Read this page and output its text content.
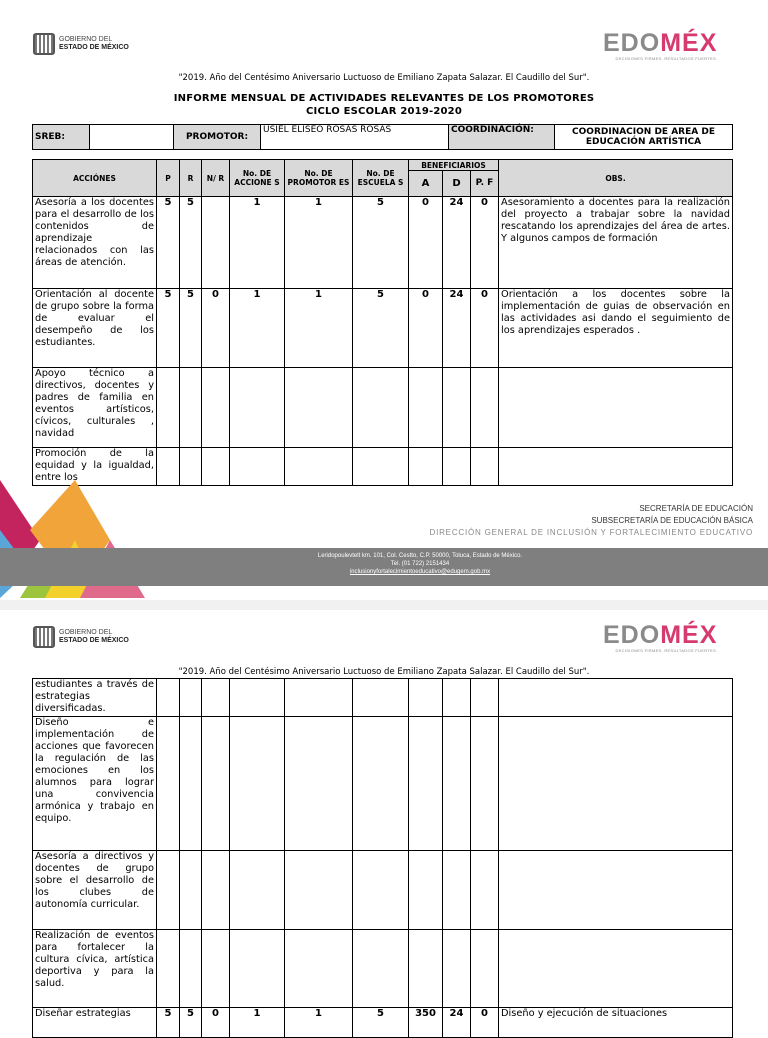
GOBIERNO DEL
ESTADO DE MÉXICO	EDOMÉX
DECISIONES FIRMES, RESULTADOS FUERTES.
"2019. Año del Centésimo Aniversario Luctuoso de Emiliano Zapata Salazar. El Caudillo del Sur".
INFORME MENSUAL DE ACTIVIDADES RELEVANTES DE LOS PROMOTORES
CICLO ESCOLAR 2019-2020
SREB:		PROMOTOR:	USIEL ELISEO ROSAS ROSAS	COORDINACIÓN:	COORDINACION DE AREA DE EDUCACIÓN ARTÍSTICA
ACCIÓNES	P	R	N/ R	No. DE ACCIONE S	No. DE PROMOTOR ES	No. DE ESCUELA S	BENEFICIARIOS			OBS.
							A	D	P. F	
Asesoría a los docentes para el desarrollo de los contenidos de aprendizaje relacionados con las áreas de atención.	5	5		1	1	5	0	24	0	Asesoramiento a docentes para la realización del proyecto a trabajar sobre la navidad rescatando los aprendizajes del área de artes. Y algunos campos de formación
Orientación al docente de grupo sobre la forma de evaluar el desempeño de los estudiantes.	5	5	0	1	1	5	0	24	0	Orientación a los docentes sobre la implementación de guias de observación en las actividades asi dando el seguimiento de los aprendizajes esperados .
Apoyo técnico a directivos, docentes y padres de familia en eventos artísticos, cívicos, culturales , navidad										
Promoción de la equidad y la igualdad, entre los										
SECRETARÍA DE EDUCACIÓN
SUBSECRETARÍA DE EDUCACIÓN BÁSICA
DIRECCIÓN GENERAL DE INCLUSIÓN Y FORTALECIMIENTO EDUCATIVO
Leridopoulevtelt km. 101, Col. Cestto, C.P. 50000, Toluca, Estado de México.
Tel. (01 722) 2151434
inclusionyfortalecimientoeducativo@edugem.gob.mx
GOBIERNO DEL
ESTADO DE MÉXICO	EDOMÉX
DECISIONES FIRMES, RESULTADOS FUERTES.
"2019. Año del Centésimo Aniversario Luctuoso de Emiliano Zapata Salazar. El Caudillo del Sur".
estudiantes a través de estrategias diversificadas.										
Diseño e implementación de acciones que favorecen la regulación de las emociones en los alumnos para lograr una convivencia armónica y trabajo en equipo.										
Asesoría a directivos y docentes de grupo sobre el desarrollo de los clubes de autonomía curricular.										
Realización de eventos para fortalecer la cultura cívica, artística deportiva y para la salud.										
Diseñar estrategias	5	5	0	1	1	5	350	24	0	Diseño y ejecución de situaciones
